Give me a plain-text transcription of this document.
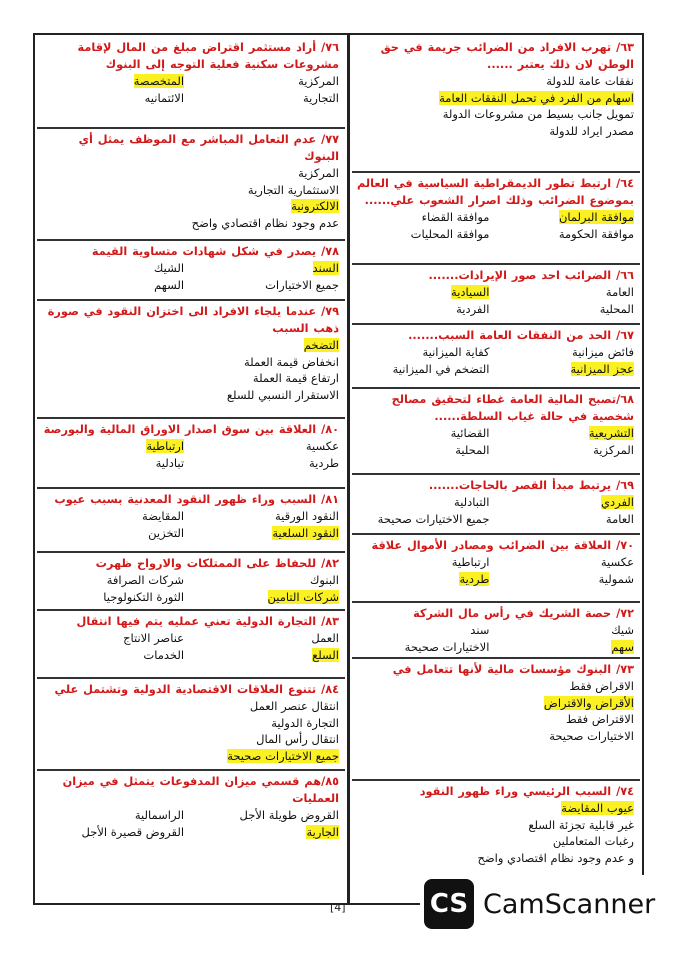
٦٣/ تهرب الافراد من الضرائب جريمة في حق الوطن لان ذلك يعتبر ......
نفقات عامة للدولة
اسهام من الفرد في تحمل النفقات العامة
تمويل جانب بسيط من مشروعات الدولة
مصدر ايراد للدولة
٦٤/ ارتبط تطور الديمقراطية السياسية في العالم بموضوع الضرائب وذلك اصرار الشعوب علي......
موافقة البرلمان
موافقة القضاء
موافقة الحكومة
موافقة المحليات
٦٦/ الضرائب احد صور الإيرادات.......
العامة
السيادية
المحلية
الفردية
٦٧/ الحد من النفقات العامة السبب.......
فائض ميزانية
كفاية الميزانية
عجز الميزانية
التضخم في الميزانية
٦٨/تصبح المالية العامة غطاء لتحقيق مصالح شخصية في حالة غياب السلطة......
التشريعية
القضائية
المركزية
المحلية
٦٩/ يرتبط مبدأ القصر بالحاجات.......
الفردي
التبادلية
العامة
جميع الاختيارات صحيحة
٧٠/ العلاقة بين الضرائب ومصادر الأموال علاقة
عكسية
ارتباطية
شمولية
طردية
٧٢/ حصة الشريك في رأس مال الشركة
شيك
سند
سهم
الاختيارات صحيحة
٧٣/ البنوك مؤسسات مالية لأنها تتعامل في
الاقراض فقط
الأقراض والاقتراض
الاقتراض فقط
الاختيارات صحيحة
٧٤/ السبب الرئيسي وراء ظهور النقود
عيوب المقايضة
غير قابلية تجزئة السلع
رغبات المتعاملين
و عدم وجود نظام اقتصادي واضح
٧٦/ أراد مستثمر اقتراض مبلغ من المال لإقامة مشروعات سكنية فعلية التوجه إلى البنوك
المركزية
المتخصصة
التجارية
الائتمانيه
٧٧/ عدم التعامل المباشر مع الموظف يمثل أي البنوك
المركزية
الاستثمارية التجارية
الالكترونية
عدم وجود نظام اقتصادي واضح
٧٨/ يصدر في شكل شهادات متساوية القيمة
السند
الشيك
جميع الاختيارات
السهم
٧٩/ عندما يلجاء الافراد الى اختزان النقود في صورة ذهب السبب
التضخم
انخفاض قيمة العملة
ارتفاع قيمة العملة
الاستقرار النسبي للسلع
٨٠/ العلاقة بين سوق اصدار الاوراق المالية والبورصة
عكسية
ارتباطية
طردية
تبادلية
٨١/ السبب وراء ظهور النقود المعدنية بسبب عيوب
النقود الورقية
المقايضة
النقود السلعية
التخزين
٨٢/ للحفاظ على الممتلكات والارواح ظهرت
البنوك
شركات الصرافة
شركات التامين
الثورة التكنولوجيا
٨٣/ التجارة الدولية تعني عمليه يتم فيها انتقال
العمل
عناصر الانتاج
السلع
الخدمات
٨٤/ تتنوع العلاقات الاقتصادية الدولية وتشتمل علي
انتقال عنصر العمل
التجارة الدولية
انتقال رأس المال
جميع الاختيارات صحيحة
٨٥/هم قسمي ميزان المدفوعات يتمثل في ميزان العمليات
القروض طويلة الأجل
الراسمالية
الجارية
القروض قصيرة الأجل
[4]	CS CamScanner
